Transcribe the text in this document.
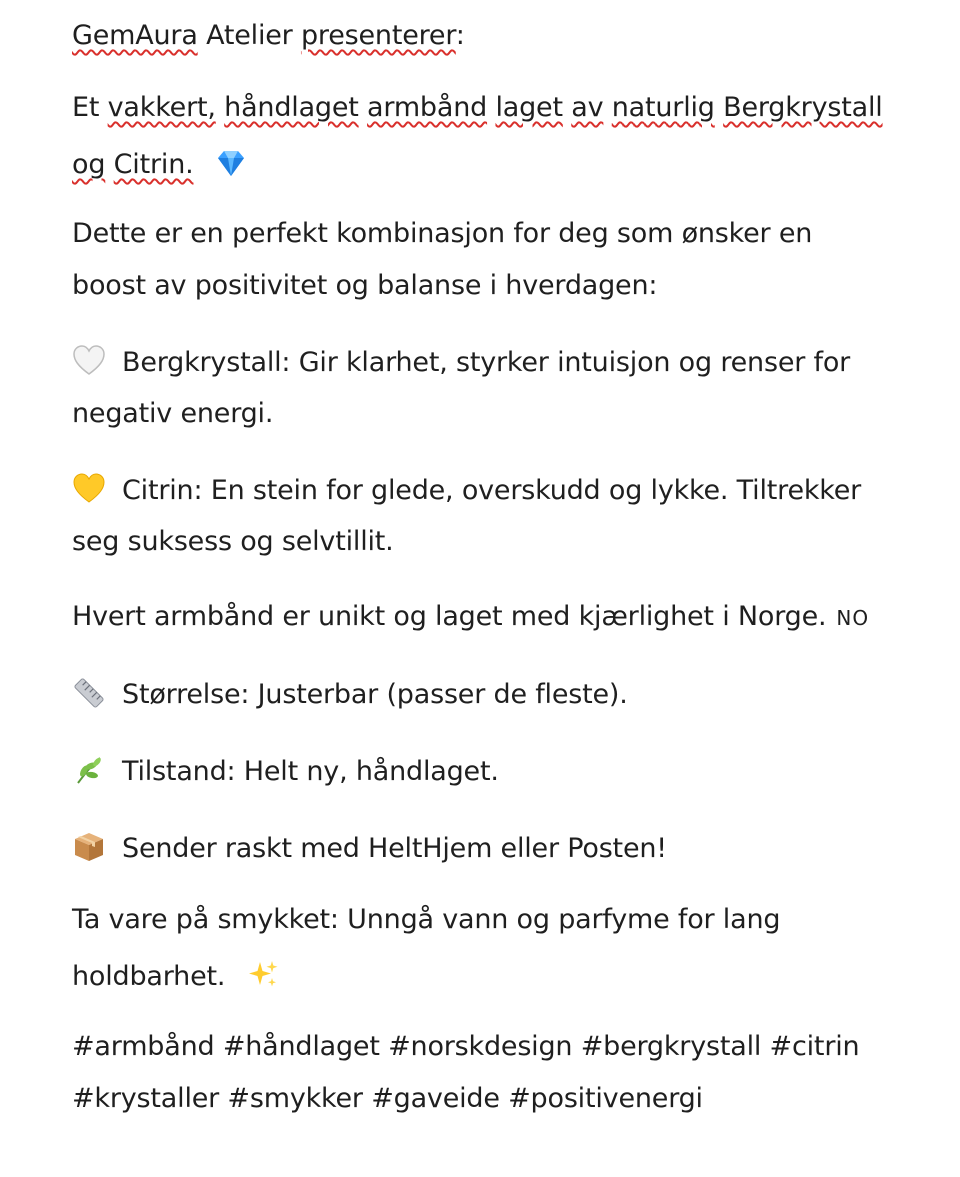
GemAura Atelier presenterer:
Et vakkert, håndlaget armbånd laget av naturlig Bergkrystall
og Citrin.
Dette er en perfekt kombinasjon for deg som ønsker en
boost av positivitet og balanse i hverdagen:
Bergkrystall: Gir klarhet, styrker intuisjon og renser for
negativ energi.
Citrin: En stein for glede, overskudd og lykke. Tiltrekker
seg suksess og selvtillit.
Hvert armbånd er unikt og laget med kjærlighet i Norge. NO
Størrelse: Justerbar (passer de fleste).
Tilstand: Helt ny, håndlaget.
Sender raskt med HeltHjem eller Posten!
Ta vare på smykket: Unngå vann og parfyme for lang
holdbarhet.
#armbånd #håndlaget #norskdesign #bergkrystall #citrin
#krystaller #smykker #gaveide #positivenergi
